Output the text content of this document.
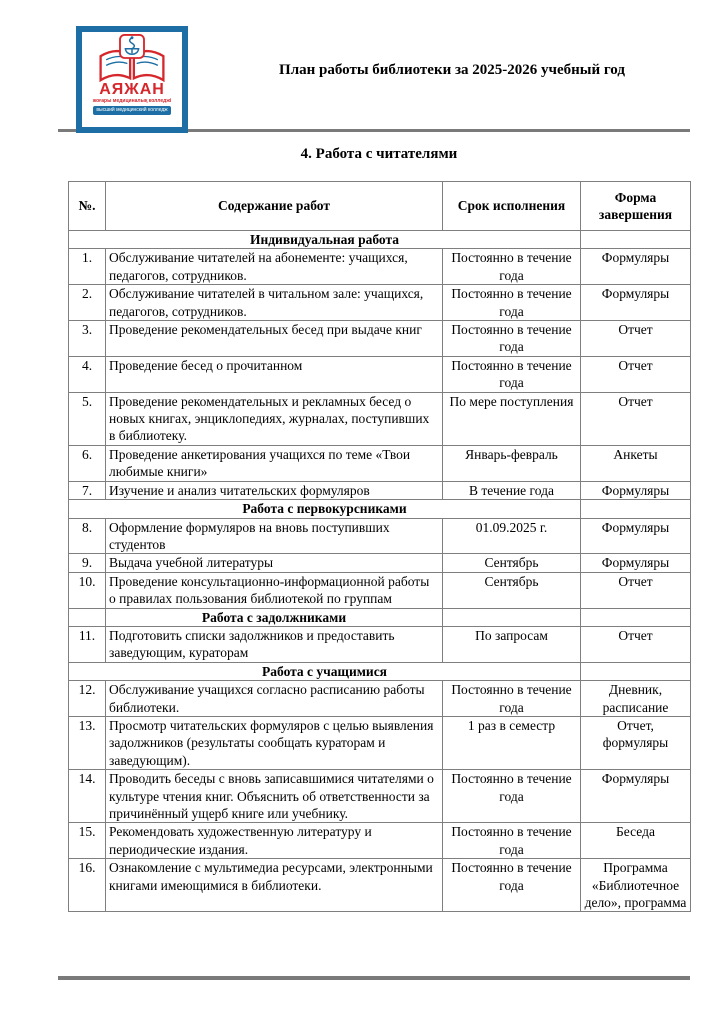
АЯЖАН
жоғары медициналық колледжі
высший медицинский колледж
План работы библиотеки за 2025-2026 учебный год
4. Работа с читателями
№.	Содержание работ	Срок исполнения	Форма завершения
Индивидуальная работа			
1.	Обслуживание читателей на абонементе: учащихся, педагогов, сотрудников.	Постоянно в течение года	Формуляры
2.	Обслуживание читателей в читальном зале: учащихся, педагогов, сотрудников.	Постоянно в течение года	Формуляры
3.	Проведение рекомендательных бесед при выдаче книг	Постоянно в течение года	Отчет
4.	Проведение бесед о прочитанном	Постоянно в течение года	Отчет
5.	Проведение рекомендательных и рекламных бесед о новых книгах, энциклопедиях, журналах, поступивших в библиотеку.	По мере поступления	Отчет
6.	Проведение анкетирования учащихся по теме «Твои любимые книги»	Январь-февраль	Анкеты
7.	Изучение и анализ читательских формуляров	В течение года	Формуляры
Работа с первокурсниками			
8.	Оформление формуляров на вновь поступивших студентов	01.09.2025 г.	Формуляры
9.	Выдача учебной литературы	Сентябрь	Формуляры
10.	Проведение консультационно-информационной работы о правилах пользования библиотекой по группам	Сентябрь	Отчет
	Работа с задолжниками		
11.	Подготовить списки задолжников и предоставить заведующим, кураторам	По запросам	Отчет
Работа с учащимися			
12.	Обслуживание учащихся согласно расписанию работы библиотеки.	Постоянно в течение года	Дневник, расписание
13.	Просмотр читательских формуляров с целью выявления задолжников (результаты сообщать кураторам и заведующим).	1 раз в семестр	Отчет, формуляры
14.	Проводить беседы с вновь записавшимися читателями о культуре чтения книг. Объяснить об ответственности за причинённый ущерб книге или учебнику.	Постоянно в течение года	Формуляры
15.	Рекомендовать художественную литературу и периодические издания.	Постоянно в течение года	Беседа
16.	Ознакомление с мультимедиа ресурсами, электронными книгами имеющимися в библиотеки.	Постоянно в течение года	Программа «Библиотечное дело», программа
